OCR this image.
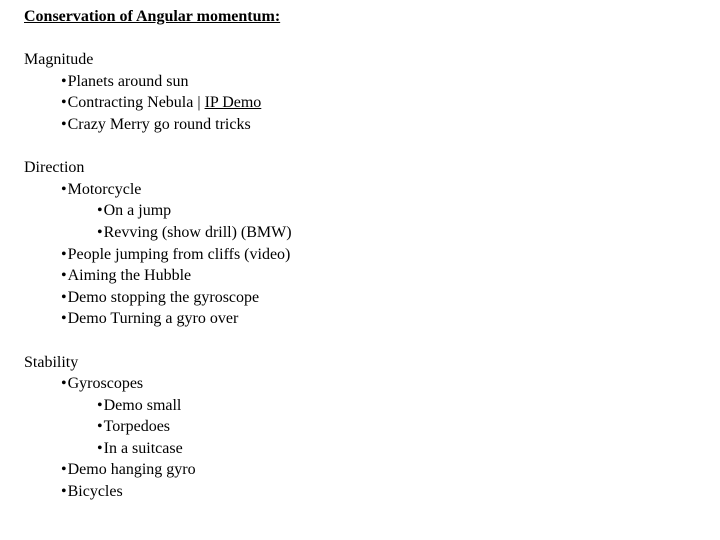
Conservation of Angular momentum:
Magnitude
•Planets around sun
•Contracting Nebula | IP Demo
•Crazy Merry go round tricks
Direction
•Motorcycle
•On a jump
•Revving (show drill) (BMW)
•People jumping from cliffs (video)
•Aiming the Hubble
•Demo stopping the gyroscope
•Demo Turning a gyro over
Stability
•Gyroscopes
•Demo small
•Torpedoes
•In a suitcase
•Demo hanging gyro
•Bicycles
